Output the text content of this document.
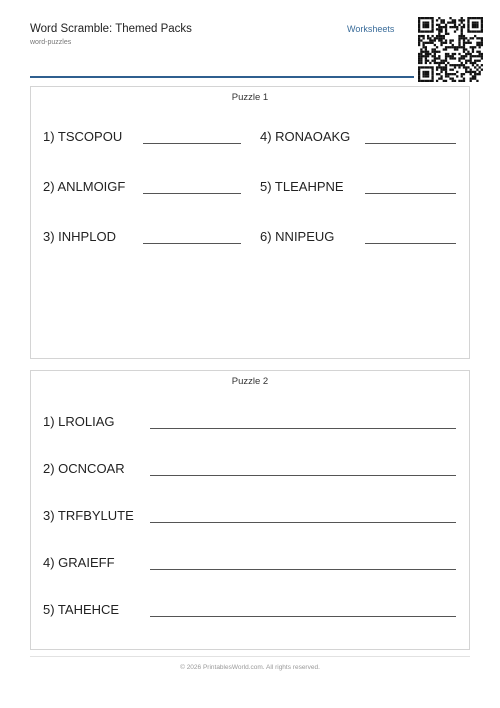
Word Scramble: Themed Packs
word-puzzles
Worksheets
Puzzle 1
1) TSCOPOU	4) RONAOAKG
2) ANLMOIGF	5) TLEAHPNE
3) INHPLOD	6) NNIPEUG
Puzzle 2
1) LROLIAG
2) OCNCOAR
3) TRFBYLUTE
4) GRAIEFF
5) TAHEHCE
© 2026 PrintablesWorld.com. All rights reserved.
